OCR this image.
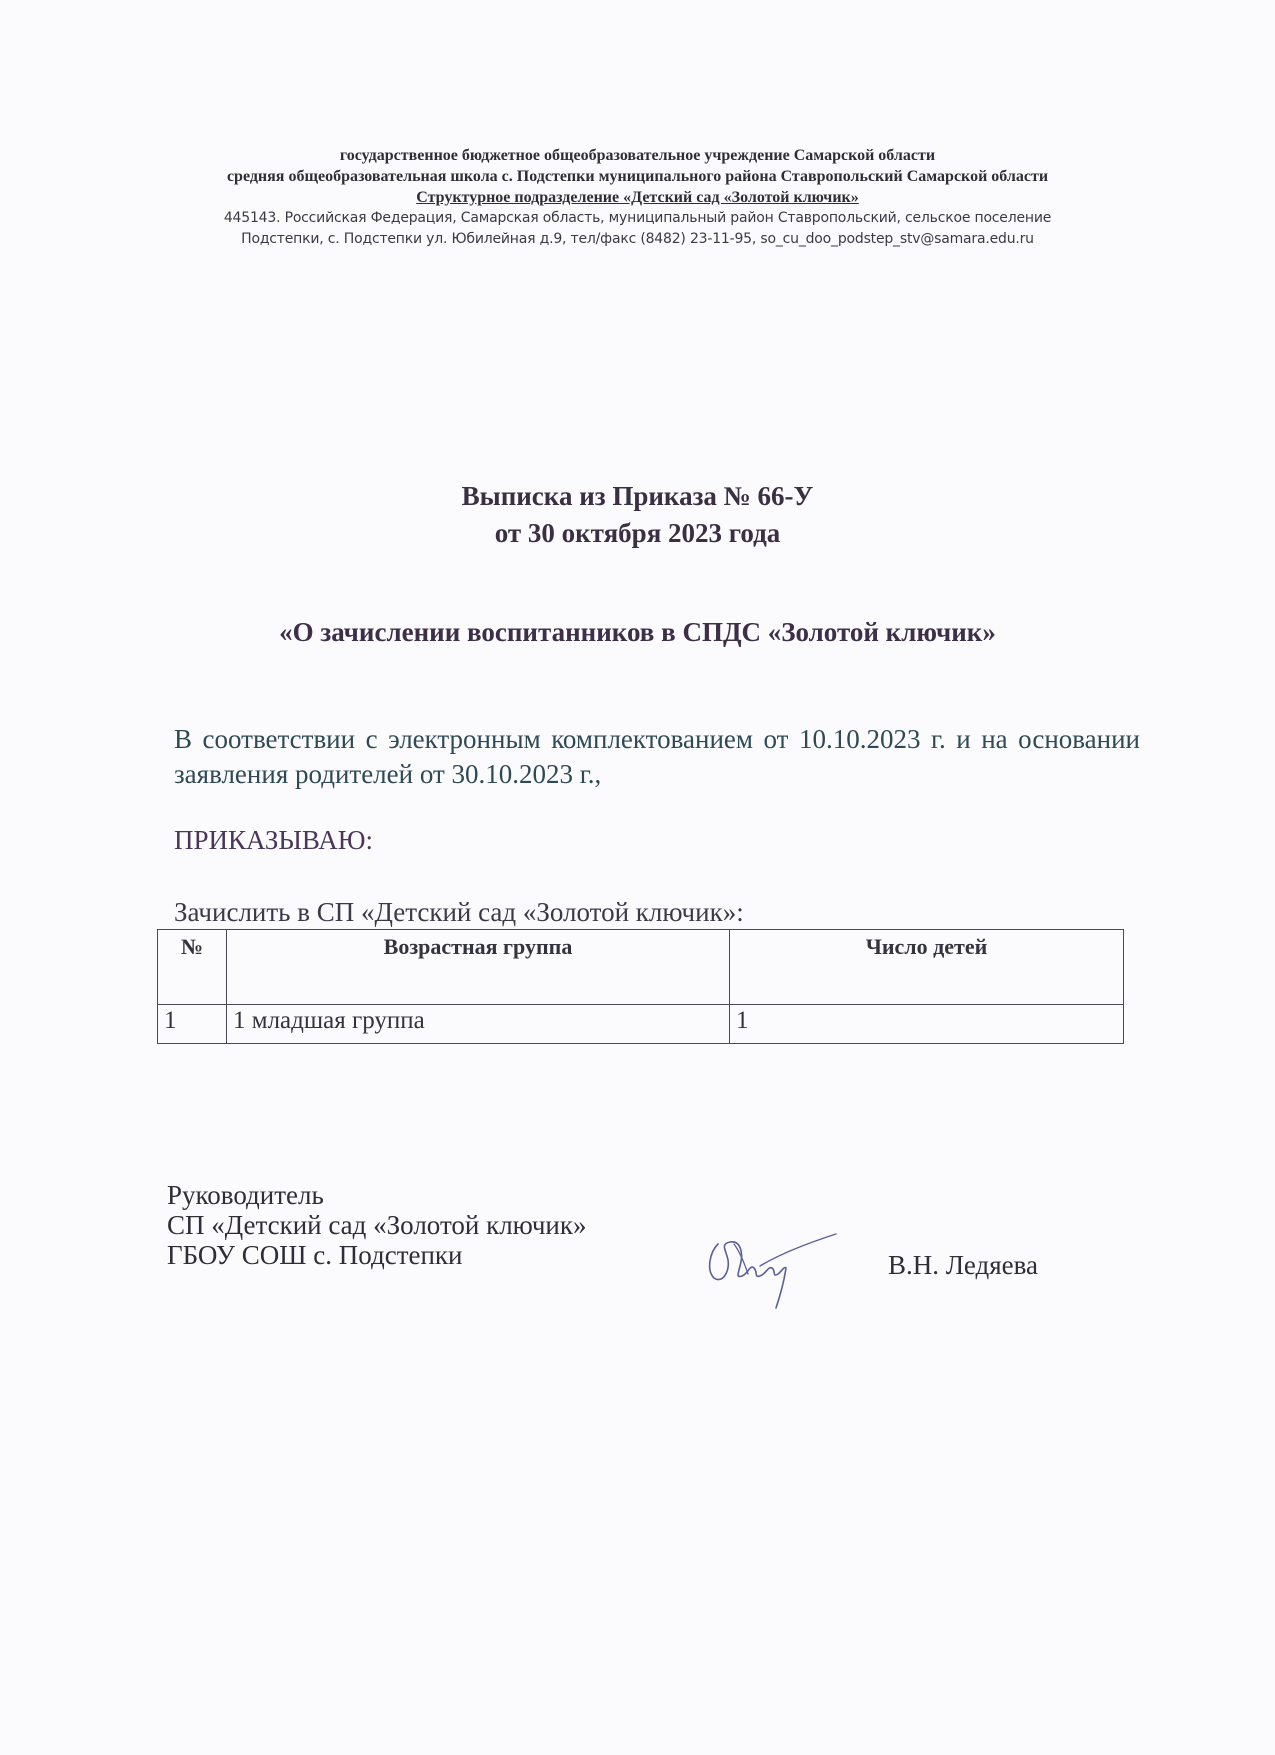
государственное бюджетное общеобразовательное учреждение Самарской области
средняя общеобразовательная школа с. Подстепки муниципального района Ставропольский Самарской области
Структурное подразделение «Детский сад «Золотой ключик»
445143. Российская Федерация, Самарская область, муниципальный район Ставропольский, сельское поселение
Подстепки, с. Подстепки ул. Юбилейная д.9, тел/факс (8482) 23-11-95, so_cu_doo_podstep_stv@samara.edu.ru
Выписка из Приказа № 66-У
от 30 октября 2023 года
«О зачислении воспитанников в СПДС «Золотой ключик»
В соответствии с электронным комплектованием от 10.10.2023 г. и на основании заявления родителей от 30.10.2023 г.,
ПРИКАЗЫВАЮ:
Зачислить в СП «Детский сад «Золотой ключик»:
№	Возрастная группа	Число детей
1	1 младшая группа	1
Руководитель
СП «Детский сад «Золотой ключик»
ГБОУ СОШ с. Подстепки	В.Н. Ледяева
